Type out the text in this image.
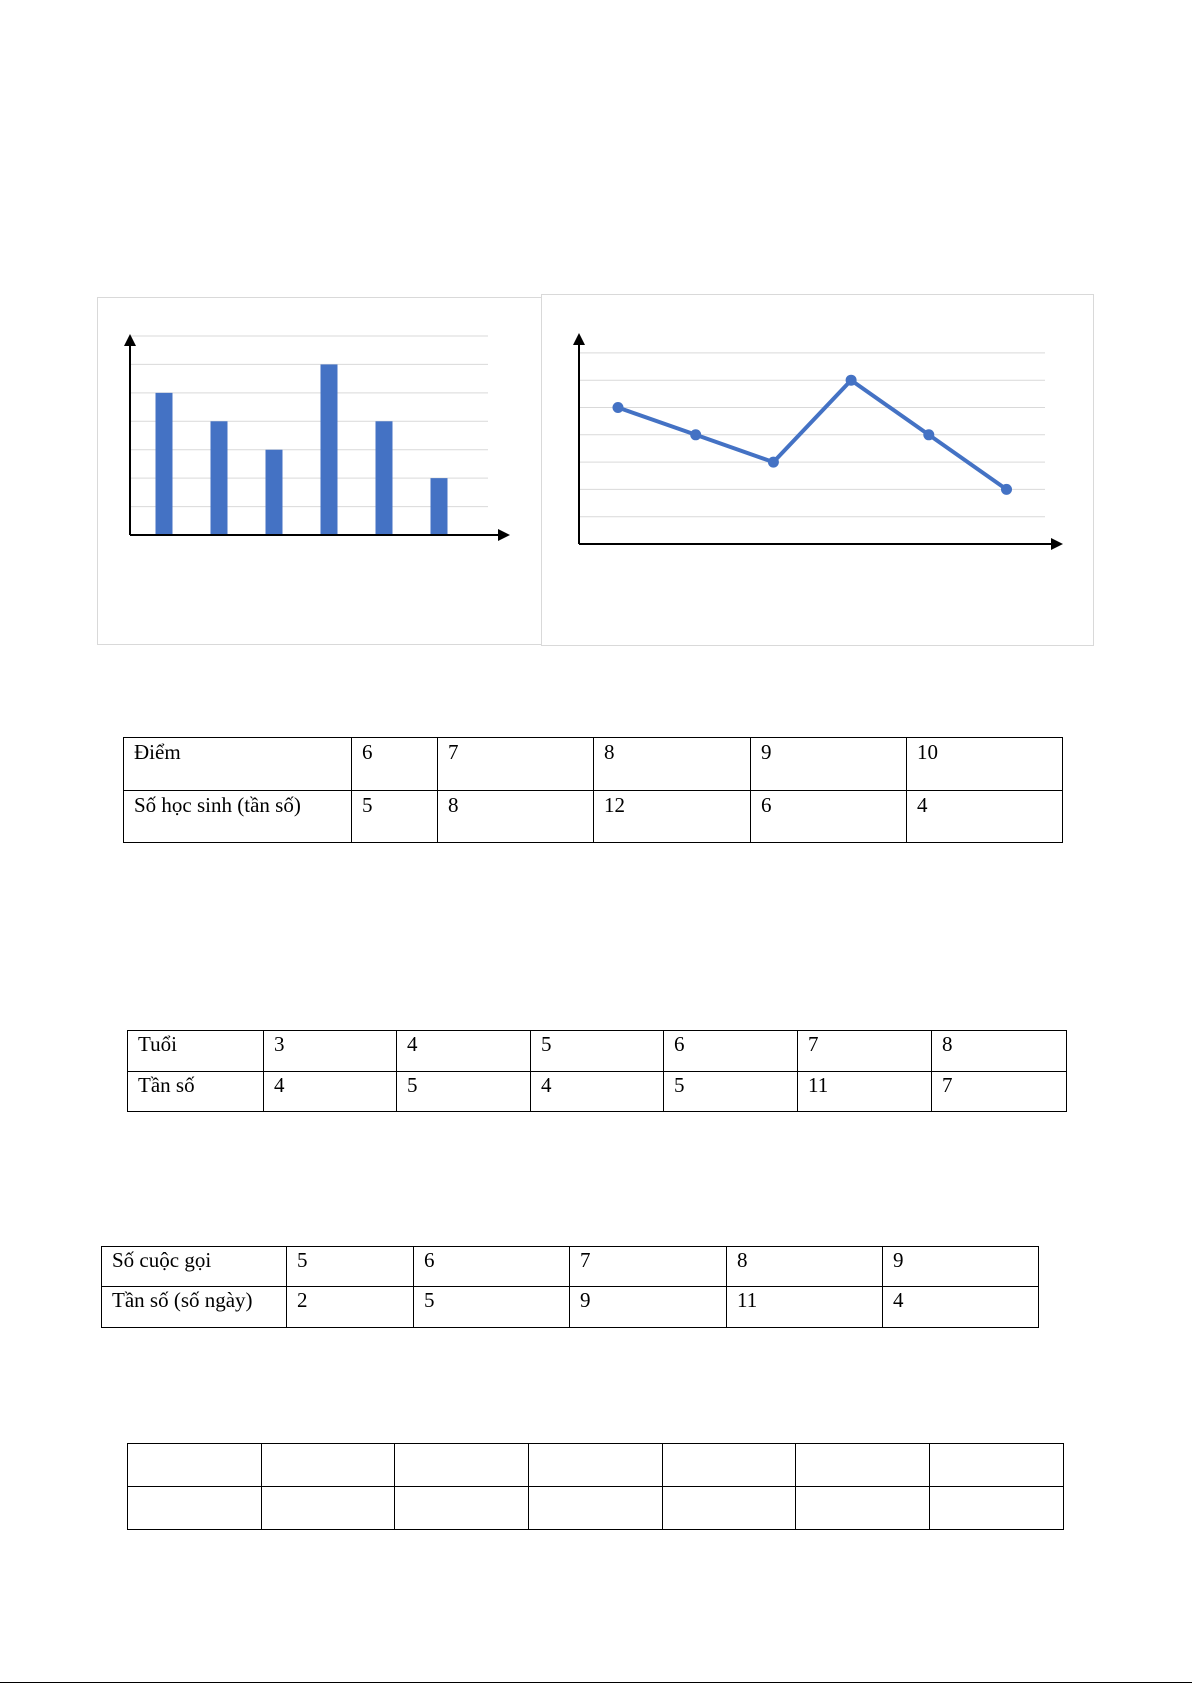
Điểm	6	7	8	9	10
Số học sinh (tần số)	5	8	12	6	4
Tuổi	3	4	5	6	7	8
Tần số	4	5	4	5	11	7
Số cuộc gọi	5	6	7	8	9
Tần số (số ngày)	2	5	9	11	4
